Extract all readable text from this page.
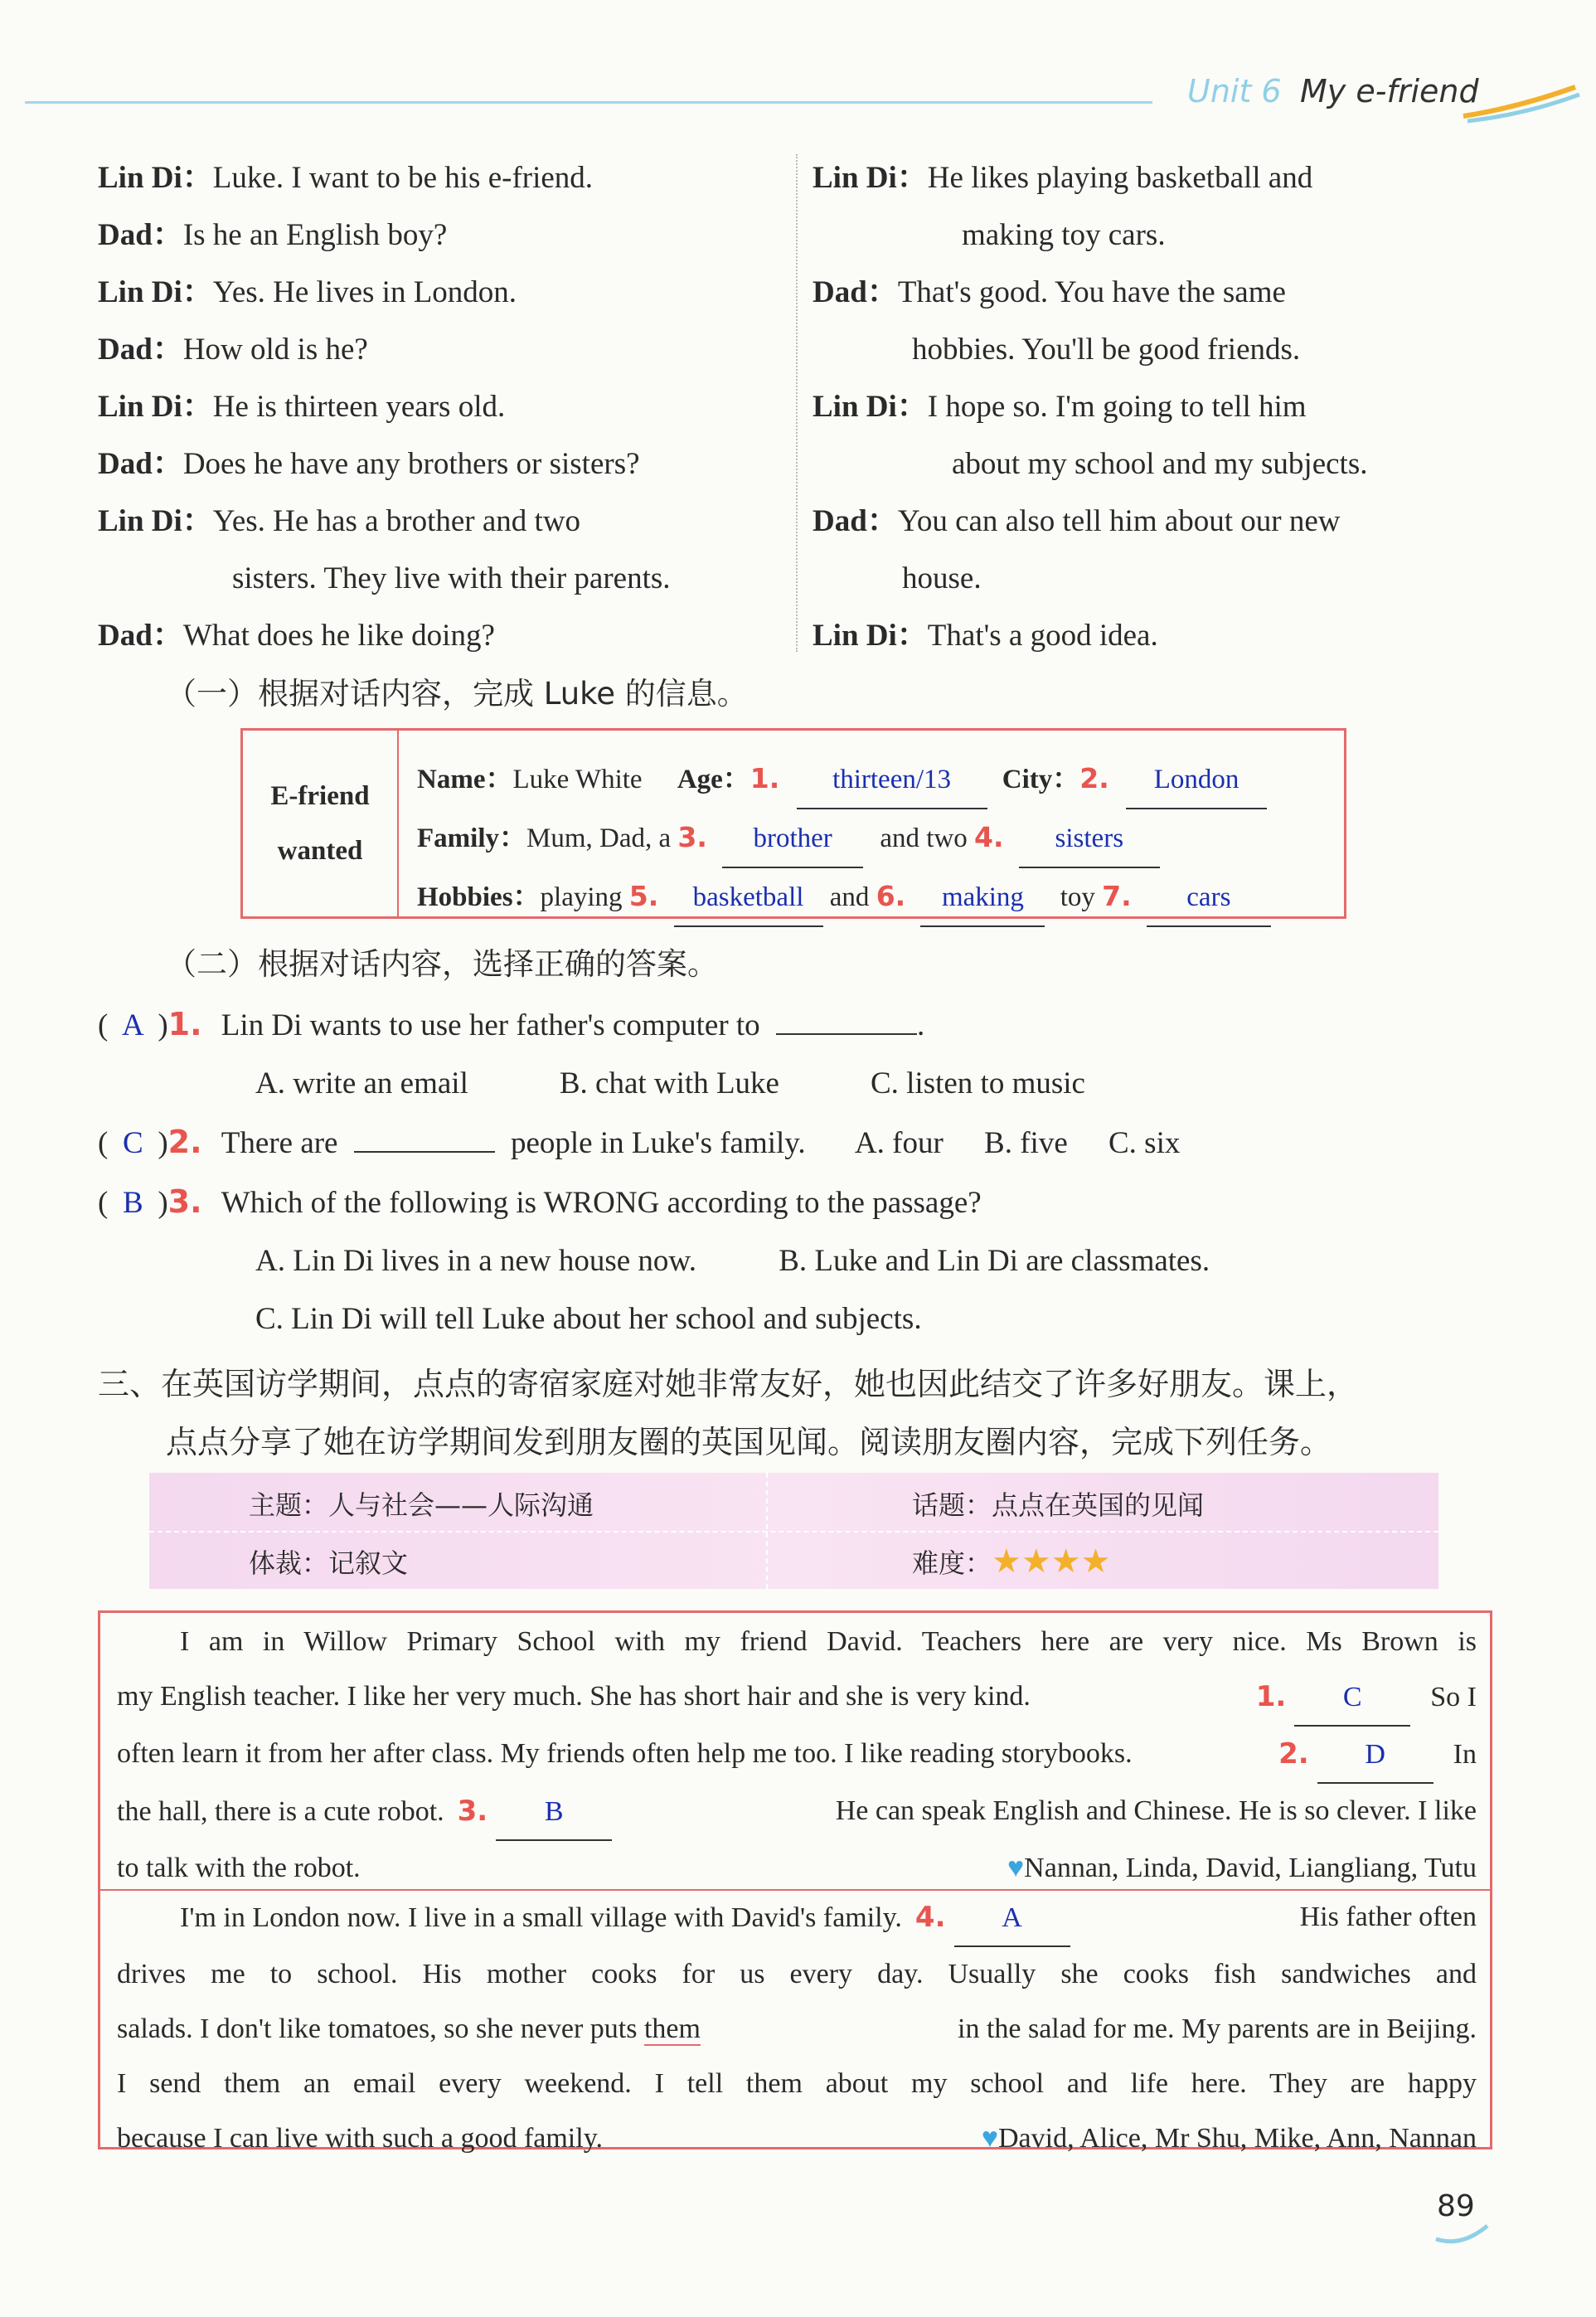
Unit 6 My e-friend
Lin Di：Luke. I want to be his e-friend.
Dad：Is he an English boy?
Lin Di：Yes. He lives in London.
Dad：How old is he?
Lin Di：He is thirteen years old.
Dad：Does he have any brothers or sisters?
Lin Di：Yes. He has a brother and two
sisters. They live with their parents.
Dad：What does he like doing?
Lin Di：He likes playing basketball and
making toy cars.
Dad：That's good. You have the same
hobbies. You'll be good friends.
Lin Di：I hope so. I'm going to tell him
about my school and my subjects.
Dad：You can also tell him about our new
house.
Lin Di：That's a good idea.
（一）根据对话内容，完成 Luke 的信息。
E-friend
wanted
Name：Luke White Age：1. thirteen/13 City：2. London
Family：Mum, Dad, a 3. brother and two 4. sisters
Hobbies：playing 5. basketball and 6. making toy 7. cars
（二）根据对话内容，选择正确的答案。
( A )1. Lin Di wants to use her father's computer to	.
A. write an email	B. chat with Luke	C. listen to music
( C )2. There are	people in Luke's family. A. four B. five C. six
( B )3. Which of the following is WRONG according to the passage?
A. Lin Di lives in a new house now.	B. Luke and Lin Di are classmates.
C. Lin Di will tell Luke about her school and subjects.
三、在英国访学期间，点点的寄宿家庭对她非常友好，她也因此结交了许多好朋友。课上，
点点分享了她在访学期间发到朋友圈的英国见闻。阅读朋友圈内容，完成下列任务。
主题：人与社会——人际沟通	话题：点点在英国的见闻
体裁：记叙文	难度：★★★★
I am in Willow Primary School with my friend David. Teachers here are very nice. Ms Brown is
my English teacher. I like her very much. She has short hair and she is very kind.	1. C So I
often learn it from her after class. My friends often help me too. I like reading storybooks.	2. D In
the hall, there is a cute robot. 3. B	He can speak English and Chinese. He is so clever. I like
to talk with the robot.	♥Nannan, Linda, David, Liangliang, Tutu
I'm in London now. I live in a small village with David's family. 4. A	His father often
drives me to school. His mother cooks for us every day. Usually she cooks fish sandwiches and
salads. I don't like tomatoes, so she never puts them	in the salad for me. My parents are in Beijing.
I send them an email every weekend. I tell them about my school and life here. They are happy
because I can live with such a good family.	♥David, Alice, Mr Shu, Mike, Ann, Nannan
89
